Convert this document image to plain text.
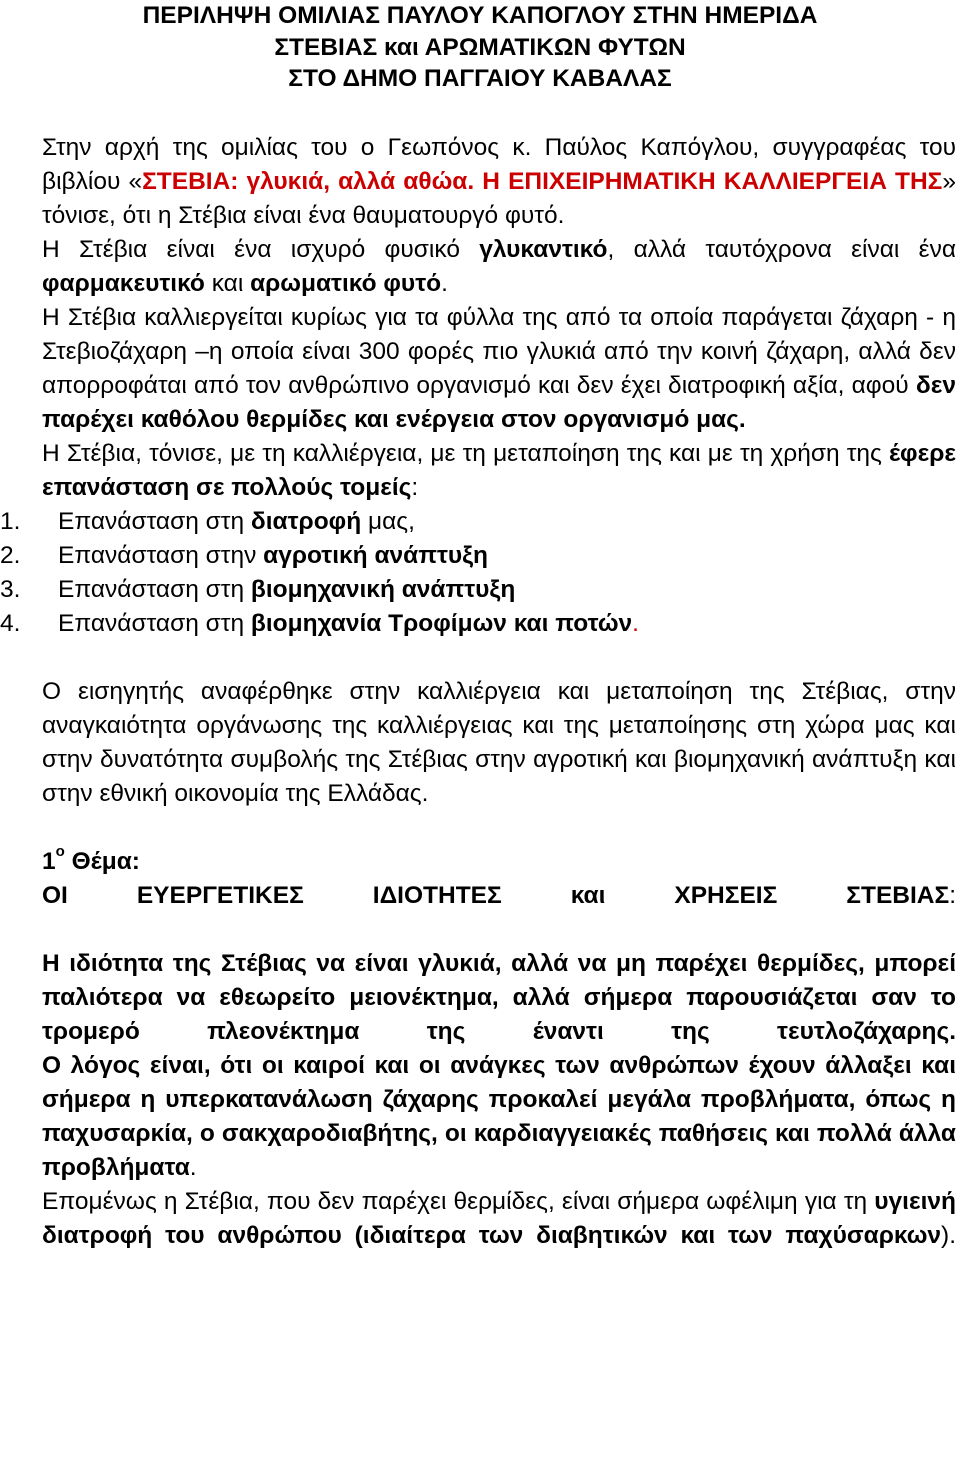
ΠΕΡΙΛΗΨΗ ΟΜΙΛΙΑΣ ΠΑΥΛΟΥ ΚΑΠΟΓΛΟΥ ΣΤΗΝ ΗΜΕΡΙΔΑ

ΣΤΕΒΙΑΣ και ΑΡΩΜΑΤΙΚΩΝ ΦΥΤΩΝ

ΣΤΟ ΔΗΜΟ ΠΑΓΓΑΙΟΥ ΚΑΒΑΛΑΣ

Στην αρχή της ομιλίας του ο Γεωπόνος κ. Παύλος Καπόγλου, συγγραφέας του βιβλίου «ΣΤΕΒΙΑ: γλυκιά, αλλά αθώα. Η ΕΠΙΧΕΙΡΗΜΑΤΙΚΗ ΚΑΛΛΙΕΡΓΕΙΑ ΤΗΣ» τόνισε, ότι η Στέβια είναι ένα θαυματουργό φυτό.

Η Στέβια είναι ένα ισχυρό φυσικό γλυκαντικό, αλλά ταυτόχρονα είναι ένα φαρμακευτικό και αρωματικό φυτό.

Η Στέβια καλλιεργείται κυρίως για τα φύλλα της από τα οποία παράγεται ζάχαρη - η Στεβιοζάχαρη –η οποία είναι 300 φορές πιο γλυκιά από την κοινή ζάχαρη, αλλά δεν απορροφάται από τον ανθρώπινο οργανισμό και δεν έχει διατροφική αξία, αφού δεν παρέχει καθόλου θερμίδες και ενέργεια στον οργανισμό μας.

Η Στέβια, τόνισε, με τη καλλιέργεια, με τη μεταποίηση της και με τη χρήση της έφερε επανάσταση σε πολλούς τομείς:

1. Επανάσταση στη διατροφή μας,
2. Επανάσταση στην αγροτική ανάπτυξη
3. Επανάσταση στη βιομηχανική ανάπτυξη
4. Επανάσταση στη βιομηχανία Τροφίμων και ποτών.

Ο εισηγητής αναφέρθηκε στην καλλιέργεια και μεταποίηση της Στέβιας, στην αναγκαιότητα οργάνωσης της καλλιέργειας και της μεταποίησης στη χώρα μας και στην δυνατότητα συμβολής της Στέβιας στην αγροτική και βιομηχανική ανάπτυξη και στην εθνική οικονομία της Ελλάδας.

$1^o$ Θέμα:

ΟΙ	ΕΥΕΡΓΕΤΙΚΕΣ	ΙΔΙΟΤΗΤΕΣ	και	ΧΡΗΣΕΙΣ	ΣΤΕΒΙΑΣ:

Η ιδιότητα της Στέβιας να είναι γλυκιά, αλλά να μη παρέχει θερμίδες, μπορεί παλιότερα να εθεωρείτο μειονέκτημα, αλλά σήμερα παρουσιάζεται σαν το τρομερό πλεονέκτημα της έναντι της τευτλοζάχαρης.

Ο λόγος είναι, ότι οι καιροί και οι ανάγκες των ανθρώπων έχουν άλλαξει και σήμερα η υπερκατανάλωση ζάχαρης προκαλεί μεγάλα προβλήματα, όπως η παχυσαρκία, ο σακχαροδιαβήτης, οι καρδιαγγειακές παθήσεις και πολλά άλλα προβλήματα.

Επομένως η Στέβια, που δεν παρέχει θερμίδες, είναι σήμερα ωφέλιμη για τη υγιεινή διατροφή του ανθρώπου (ιδιαίτερα των διαβητικών και των παχύσαρκων).
